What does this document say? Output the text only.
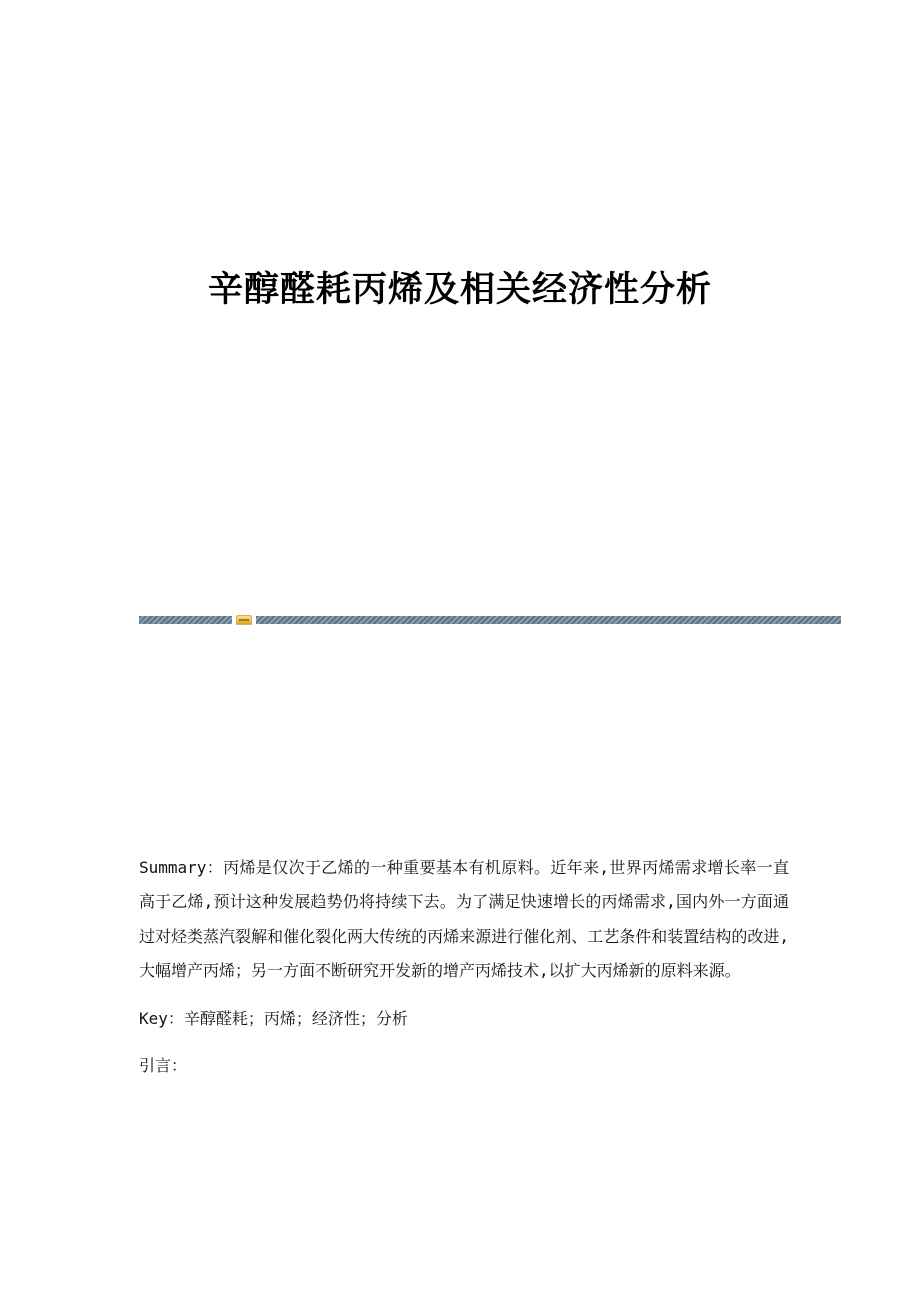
辛醇醛耗丙烯及相关经济性分析

Summary：丙烯是仅次于乙烯的一种重要基本有机原料。近年来,世界丙烯需求增长率一直高于乙烯,预计这种发展趋势仍将持续下去。为了满足快速增长的丙烯需求,国内外一方面通过对烃类蒸汽裂解和催化裂化两大传统的丙烯来源进行催化剂、工艺条件和装置结构的改进,大幅增产丙烯；另一方面不断研究开发新的增产丙烯技术,以扩大丙烯新的原料来源。

Key：辛醇醛耗；丙烯；经济性；分析

引言：
